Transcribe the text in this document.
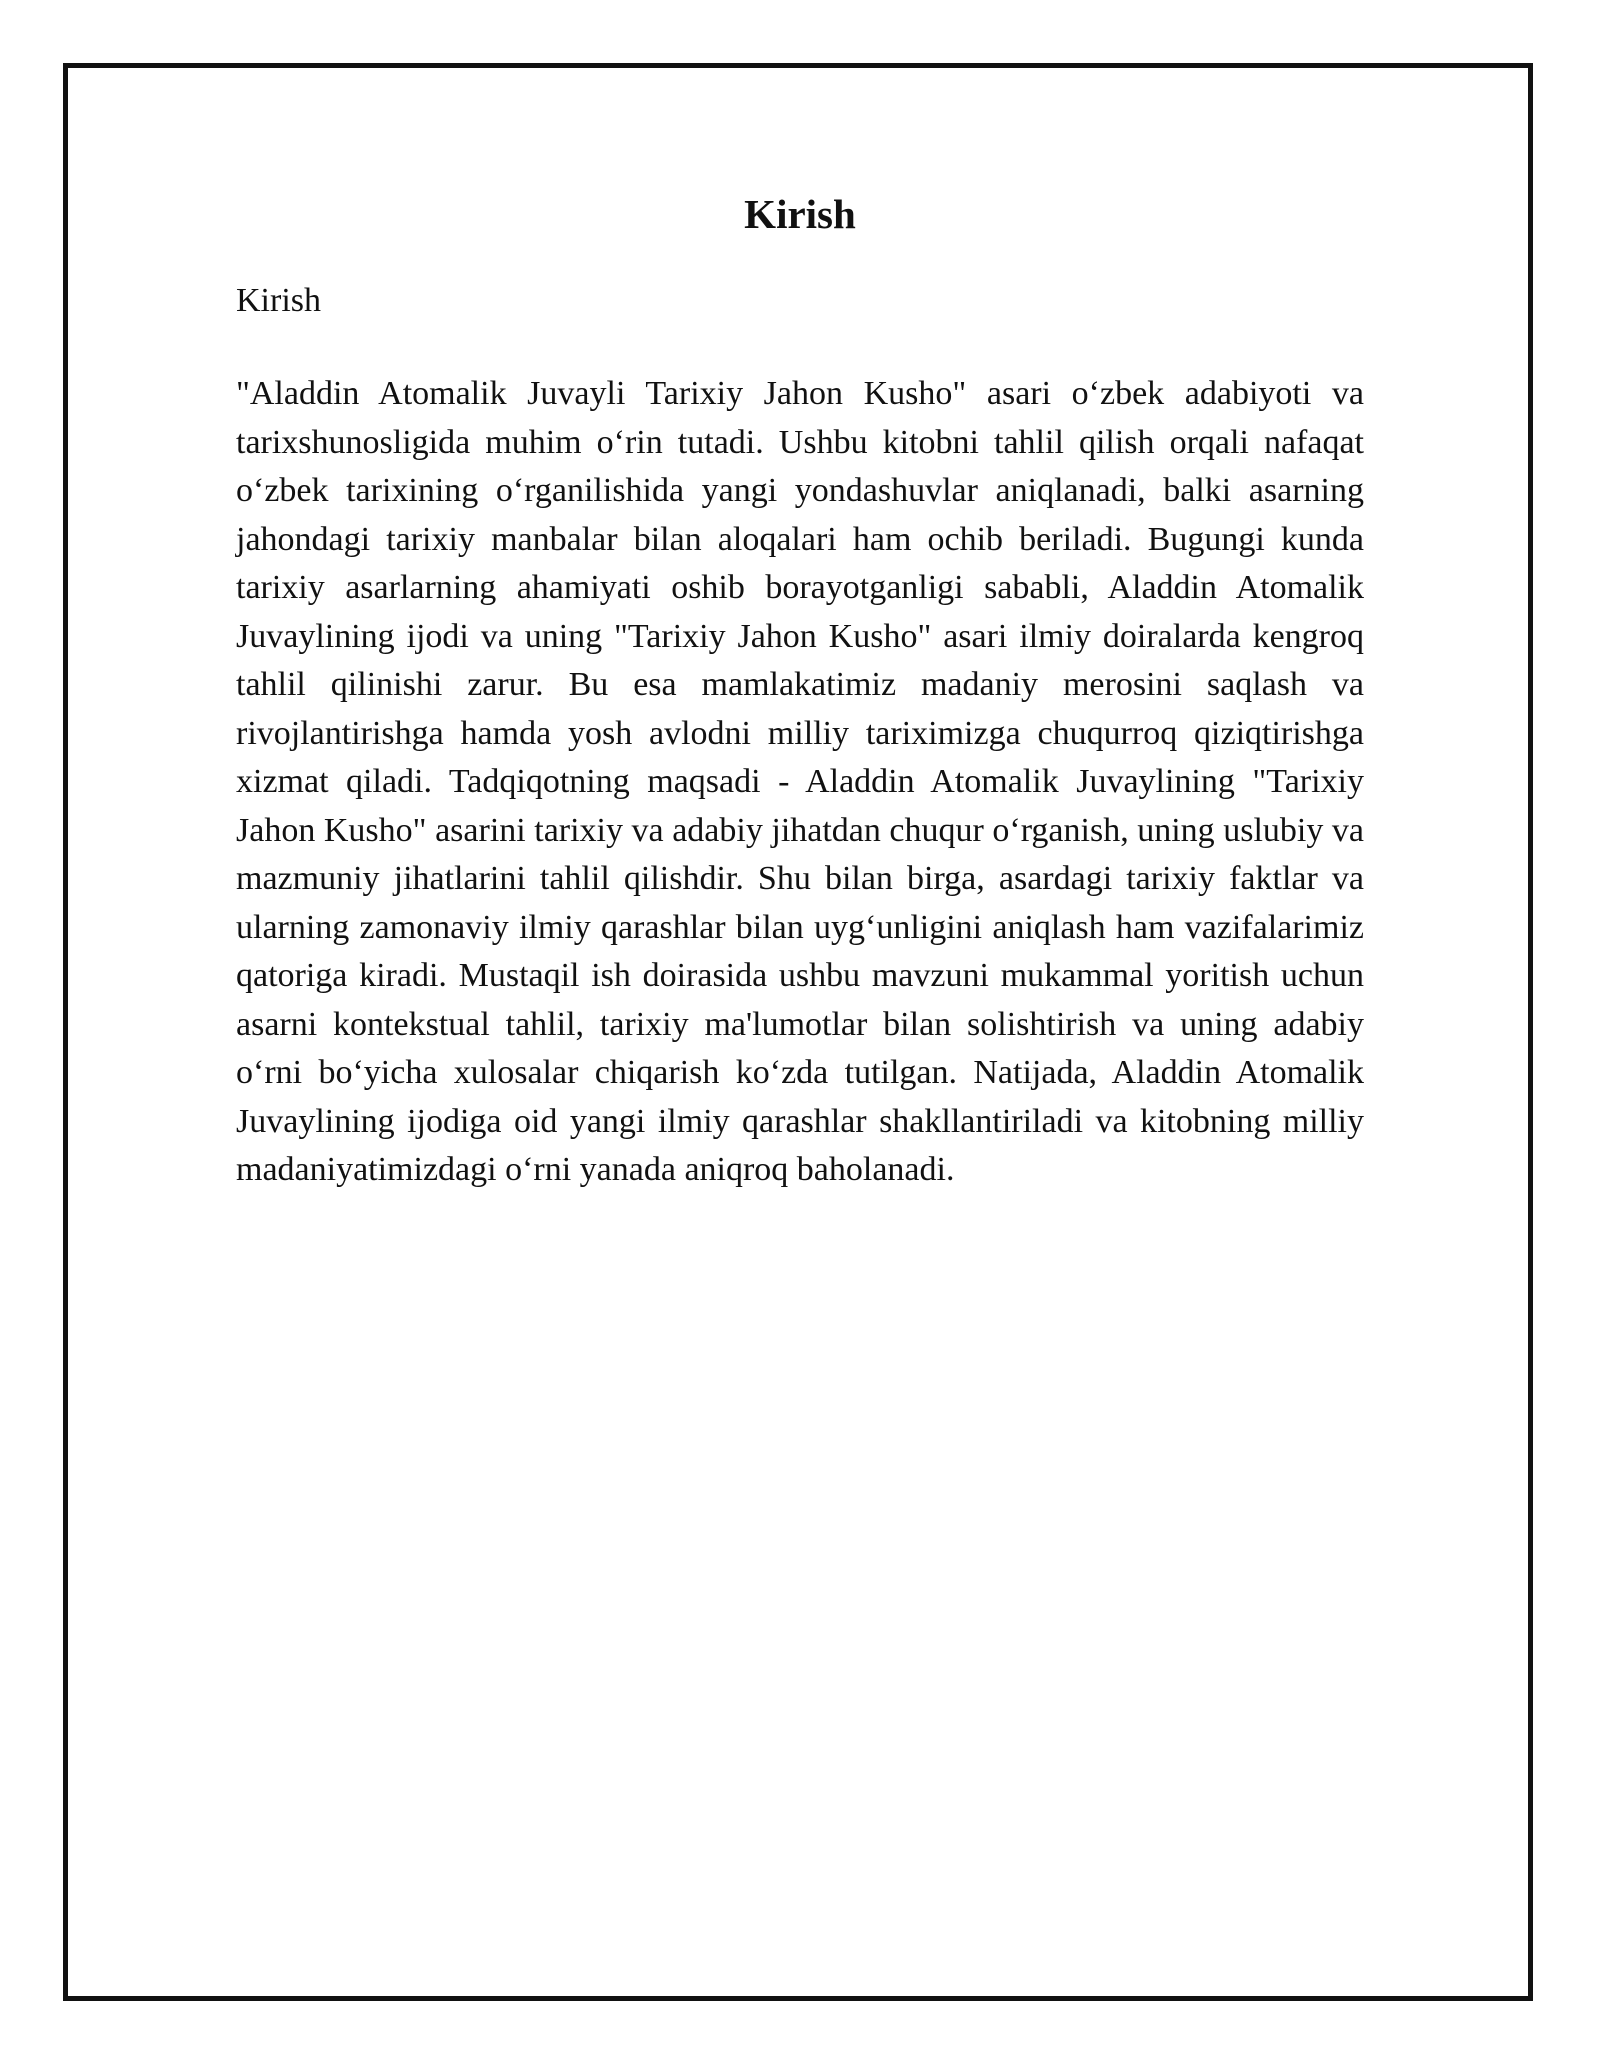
Kirish

Kirish

"Aladdin Atomalik Juvayli Tarixiy Jahon Kusho" asari o‘zbek adabiyoti va tarixshunosligida muhim o‘rin tutadi. Ushbu kitobni tahlil qilish orqali nafaqat o‘zbek tarixining o‘rganilishida yangi yondashuvlar aniqlanadi, balki asarning jahondagi tarixiy manbalar bilan aloqalari ham ochib beriladi. Bugungi kunda tarixiy asarlarning ahamiyati oshib borayotganligi sababli, Aladdin Atomalik Juvaylining ijodi va uning "Tarixiy Jahon Kusho" asari ilmiy doiralarda kengroq tahlil qilinishi zarur. Bu esa mamlakatimiz madaniy merosini saqlash va rivojlantirishga hamda yosh avlodni milliy tariximizga chuqurroq qiziqtirishga xizmat qiladi. Tadqiqotning maqsadi - Aladdin Atomalik Juvaylining "Tarixiy Jahon Kusho" asarini tarixiy va adabiy jihatdan chuqur o‘rganish, uning uslubiy va mazmuniy jihatlarini tahlil qilishdir. Shu bilan birga, asardagi tarixiy faktlar va ularning zamonaviy ilmiy qarashlar bilan uyg‘unligini aniqlash ham vazifalarimiz qatoriga kiradi. Mustaqil ish doirasida ushbu mavzuni mukammal yoritish uchun asarni kontekstual tahlil, tarixiy ma'lumotlar bilan solishtirish va uning adabiy o‘rni bo‘yicha xulosalar chiqarish ko‘zda tutilgan. Natijada, Aladdin Atomalik Juvaylining ijodiga oid yangi ilmiy qarashlar shakllantiriladi va kitobning milliy madaniyatimizdagi o‘rni yanada aniqroq baholanadi.
